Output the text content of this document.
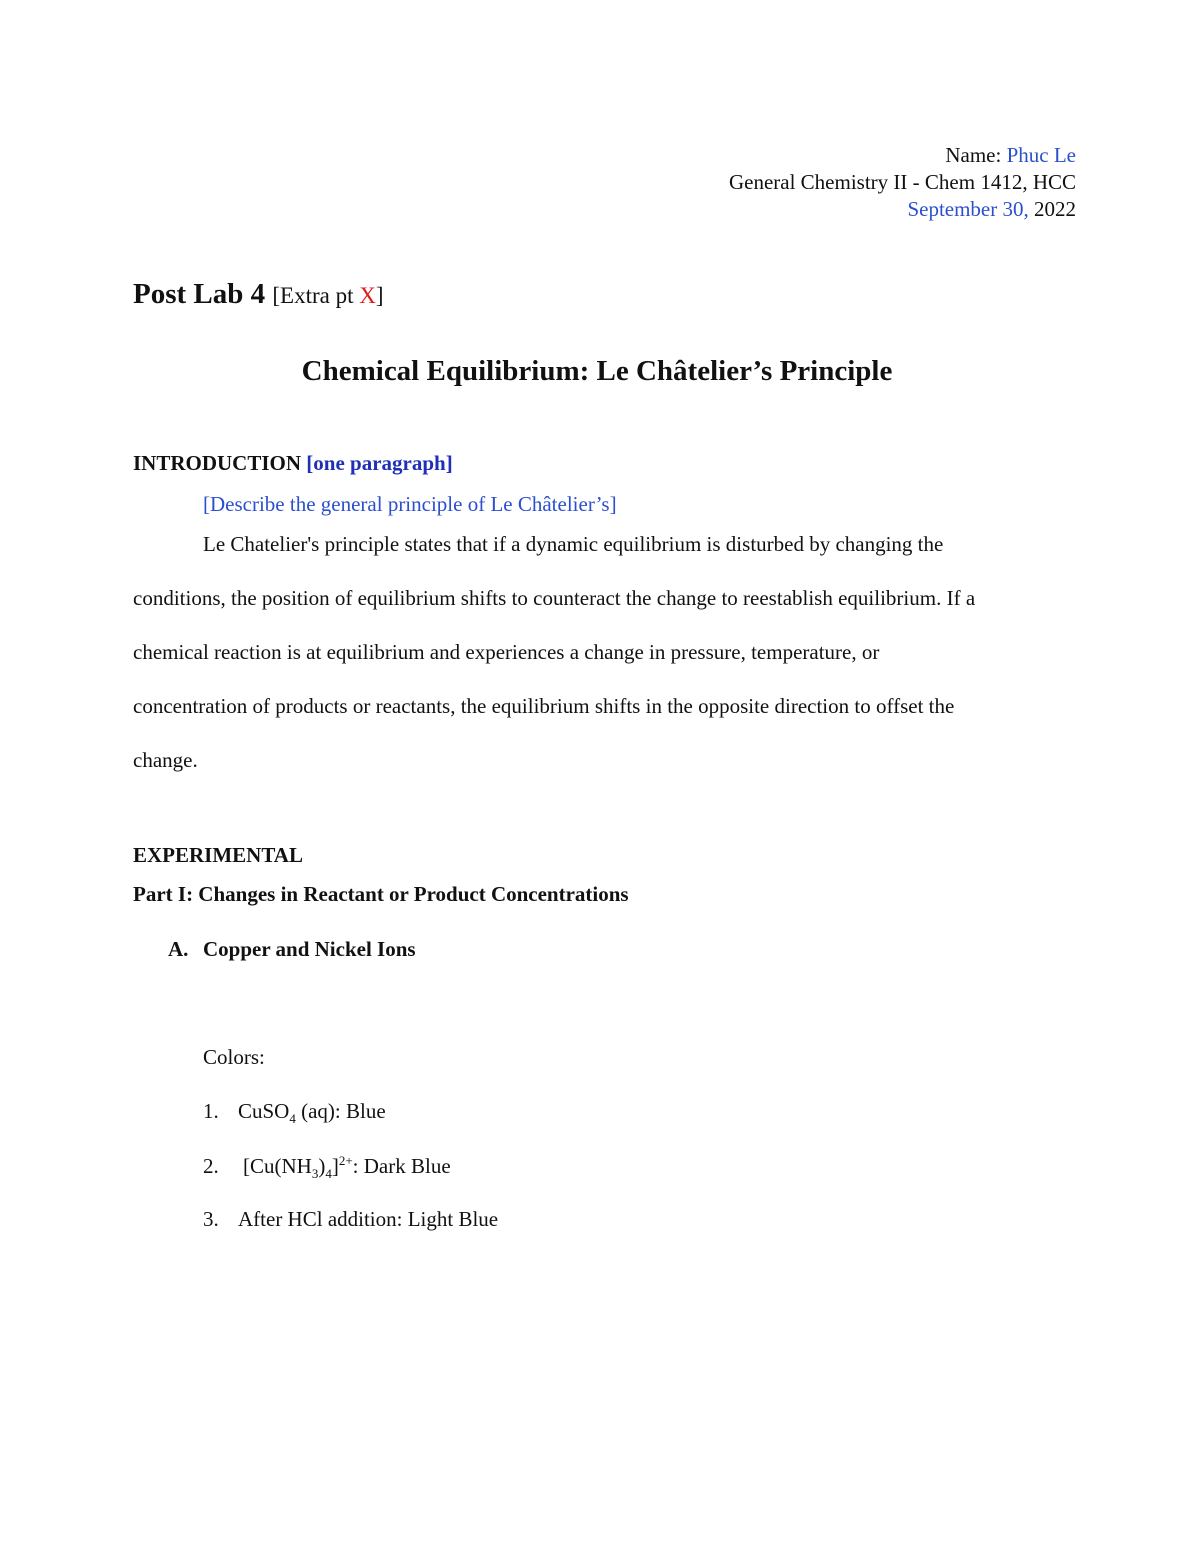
Name: Phuc Le
General Chemistry II - Chem 1412, HCC
September 30, 2022
Post Lab 4 [Extra pt X]
Chemical Equilibrium: Le Châtelier’s Principle
INTRODUCTION [one paragraph]
[Describe the general principle of Le Châtelier’s]
Le Chatelier's principle states that if a dynamic equilibrium is disturbed by changing the
conditions, the position of equilibrium shifts to counteract the change to reestablish equilibrium. If a
chemical reaction is at equilibrium and experiences a change in pressure, temperature, or
concentration of products or reactants, the equilibrium shifts in the opposite direction to offset the
change.
EXPERIMENTAL
Part I: Changes in Reactant or Product Concentrations
A. Copper and Nickel Ions
Colors:
1. CuSO$_4$ (aq): Blue
2. $[Cu(NH_3)_4]^{2+}$: Dark Blue
3. After HCl addition: Light Blue
